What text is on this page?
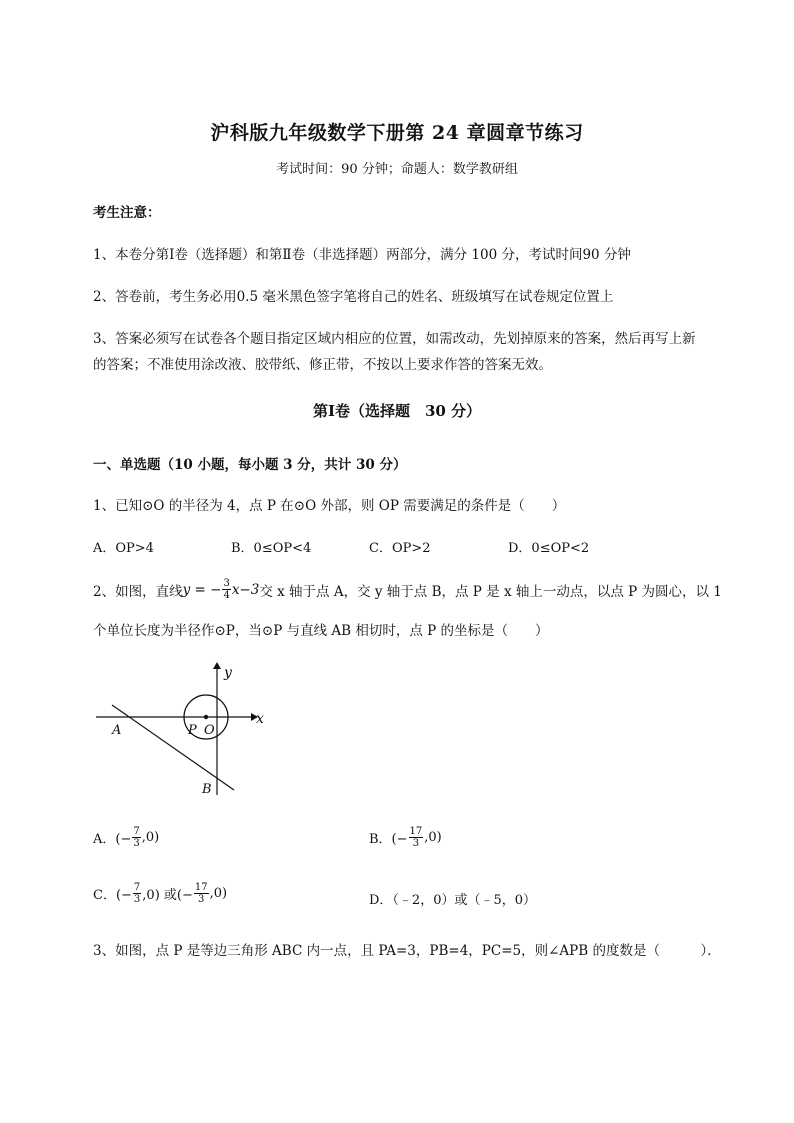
沪科版九年级数学下册第 24 章圆章节练习
考试时间：90 分钟；命题人：数学教研组
考生注意：
1、本卷分第Ⅰ卷（选择题）和第Ⅱ卷（非选择题）两部分，满分 100 分，考试时间90 分钟
2、答卷前，考生务必用0.5 毫米黑色签字笔将自己的姓名、班级填写在试卷规定位置上
3、答案必须写在试卷各个题目指定区域内相应的位置，如需改动，先划掉原来的答案，然后再写上新
的答案；不准使用涂改液、胶带纸、修正带，不按以上要求作答的答案无效。
第Ⅰ卷（选择题　30 分）
一、单选题（10 小题，每小题 3 分，共计 30 分）
1、已知⊙O 的半径为 4，点 P 在⊙O 外部，则 OP 需要满足的条件是（　　）
A．OP>4	B．0≤OP<4	C．OP>2	D．0≤OP<2
2、如图，直线 y = − $\frac{3}{4} x-3$ 交 x 轴于点 A，交 y 轴于点 B，点 P 是 x 轴上一动点，以点 P 为圆心，以 1
个单位长度为半径作⊙P，当⊙P 与直线 AB 相切时，点 P 的坐标是（　　）
y
x
A
B
P O
A．(− $\frac{7}{3} ,0$)	B．(− $\frac{17}{3} ,0$)
C．(− $\frac{7}{3} ,0$) 或(− $\frac{17}{3} ,0$)	D．（﹣2，0）或（﹣5，0）
3、如图，点 P 是等边三角形 ABC 内一点，且 PA=3，PB=4，PC=5，则∠APB 的度数是（　　　）．
